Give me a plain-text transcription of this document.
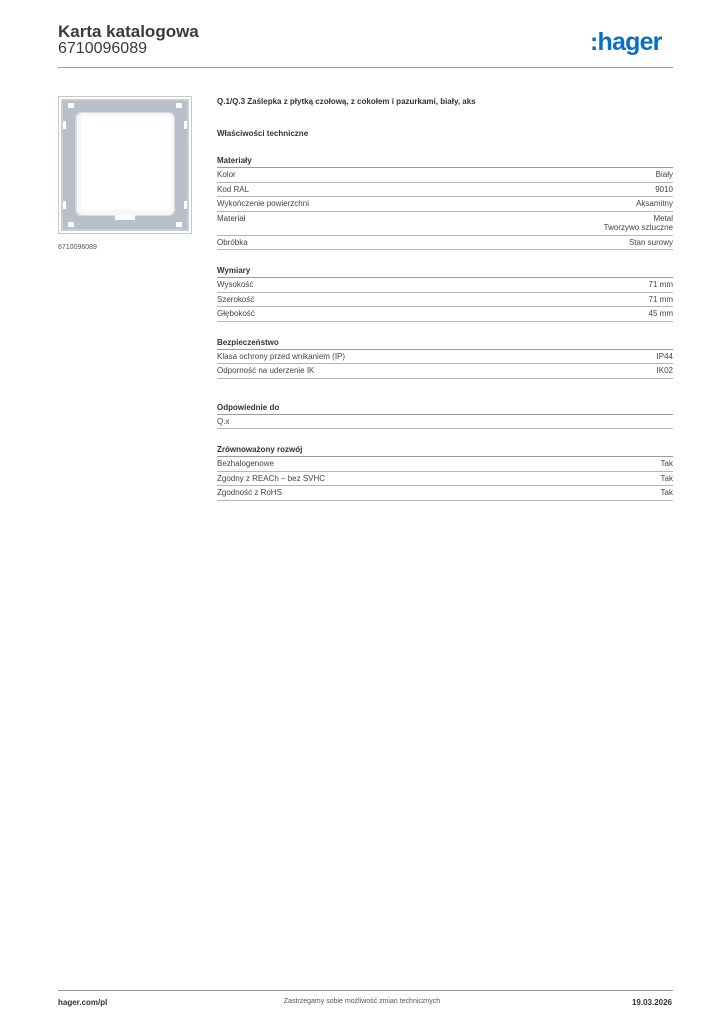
Karta katalogowa
6710096089	:hager
6710096089
Q.1/Q.3 Zaślepka z płytką czołową, z cokołem i pazurkami, biały, aks
Właściwości techniczne
Materiały
Kolor	Biały
Kod RAL	9010
Wykończenie powierzchni	Aksamitny
Materiał	Metal
Tworzywo sztuczne
Obróbka	Stan surowy
Wymiary
Wysokość	71 mm
Szerokość	71 mm
Głębokość	45 mm
Bezpieczeństwo
Klasa ochrony przed wnikaniem (IP)	IP44
Odporność na uderzenie IK	IK02
Odpowiednie do
Q.x
Zrównoważony rozwój
Bezhalogenowe	Tak
Zgodny z REACh – bez SVHC	Tak
Zgodność z RoHS	Tak
hager.com/pl	Zastrzegamy sobie możliwość zmian technicznych	19.03.2026
